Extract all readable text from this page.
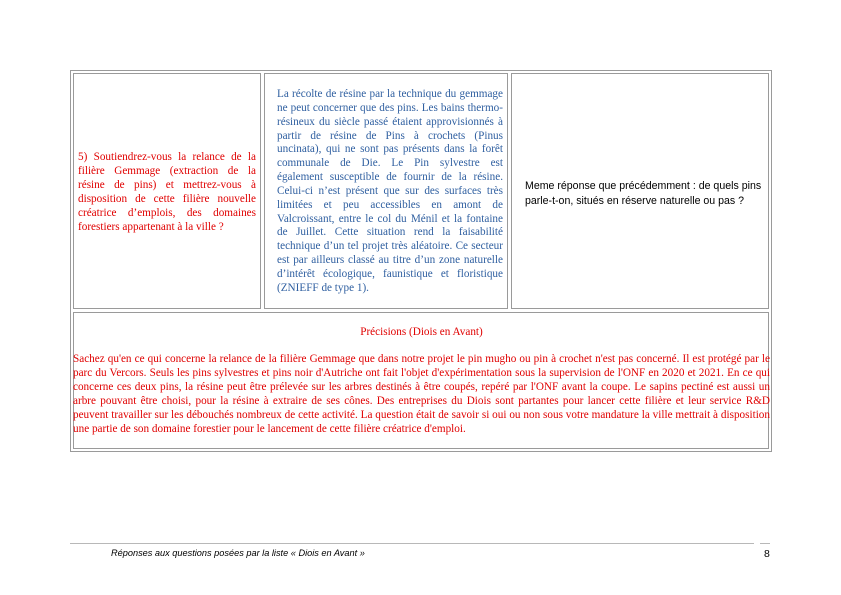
5) Soutiendrez-vous la relance de la filière Gemmage (extraction de la résine de pins) et mettrez-vous à disposition de cette filière nouvelle créatrice d’emplois, des domaines forestiers appartenant à la ville ?
La récolte de résine par la technique du gemmage ne peut concerner que des pins. Les bains thermo-résineux du siècle passé étaient approvisionnés à partir de résine de Pins à crochets (Pinus uncinata), qui ne sont pas présents dans la forêt communale de Die. Le Pin sylvestre est également susceptible de fournir de la résine. Celui-ci n’est présent que sur des surfaces très limitées et peu accessibles en amont de Valcroissant, entre le col du Ménil et la fontaine de Juillet. Cette situation rend la faisabilité technique d’un tel projet très aléatoire. Ce secteur est par ailleurs classé au titre d’un zone naturelle d’intérêt écologique, faunistique et floristique (ZNIEFF de type 1).
Meme réponse que précédemment : de quels pins parle-t-on, situés en réserve naturelle ou pas ?
Précisions (Diois en Avant)
Sachez qu'en ce qui concerne la relance de la filière Gemmage que dans notre projet le pin mugho ou pin à crochet n'est pas concerné. Il est protégé par le parc du Vercors. Seuls les pins sylvestres et pins noir d'Autriche ont fait l'objet d'expérimentation sous la supervision de l'ONF en 2020 et 2021. En ce qui concerne ces deux pins, la résine peut être prélevée sur les arbres destinés à être coupés, repéré par l'ONF avant la coupe. Le sapins pectiné est aussi un arbre pouvant être choisi, pour la résine à extraire de ses cônes. Des entreprises du Diois sont partantes pour lancer cette filière et leur service R&D peuvent travailler sur les débouchés nombreux de cette activité. La question était de savoir si oui ou non sous votre mandature la ville mettrait à disposition une partie de son domaine forestier pour le lancement de cette filière créatrice d'emploi.
Réponses aux questions posées par la liste « Diois en Avant »	8
